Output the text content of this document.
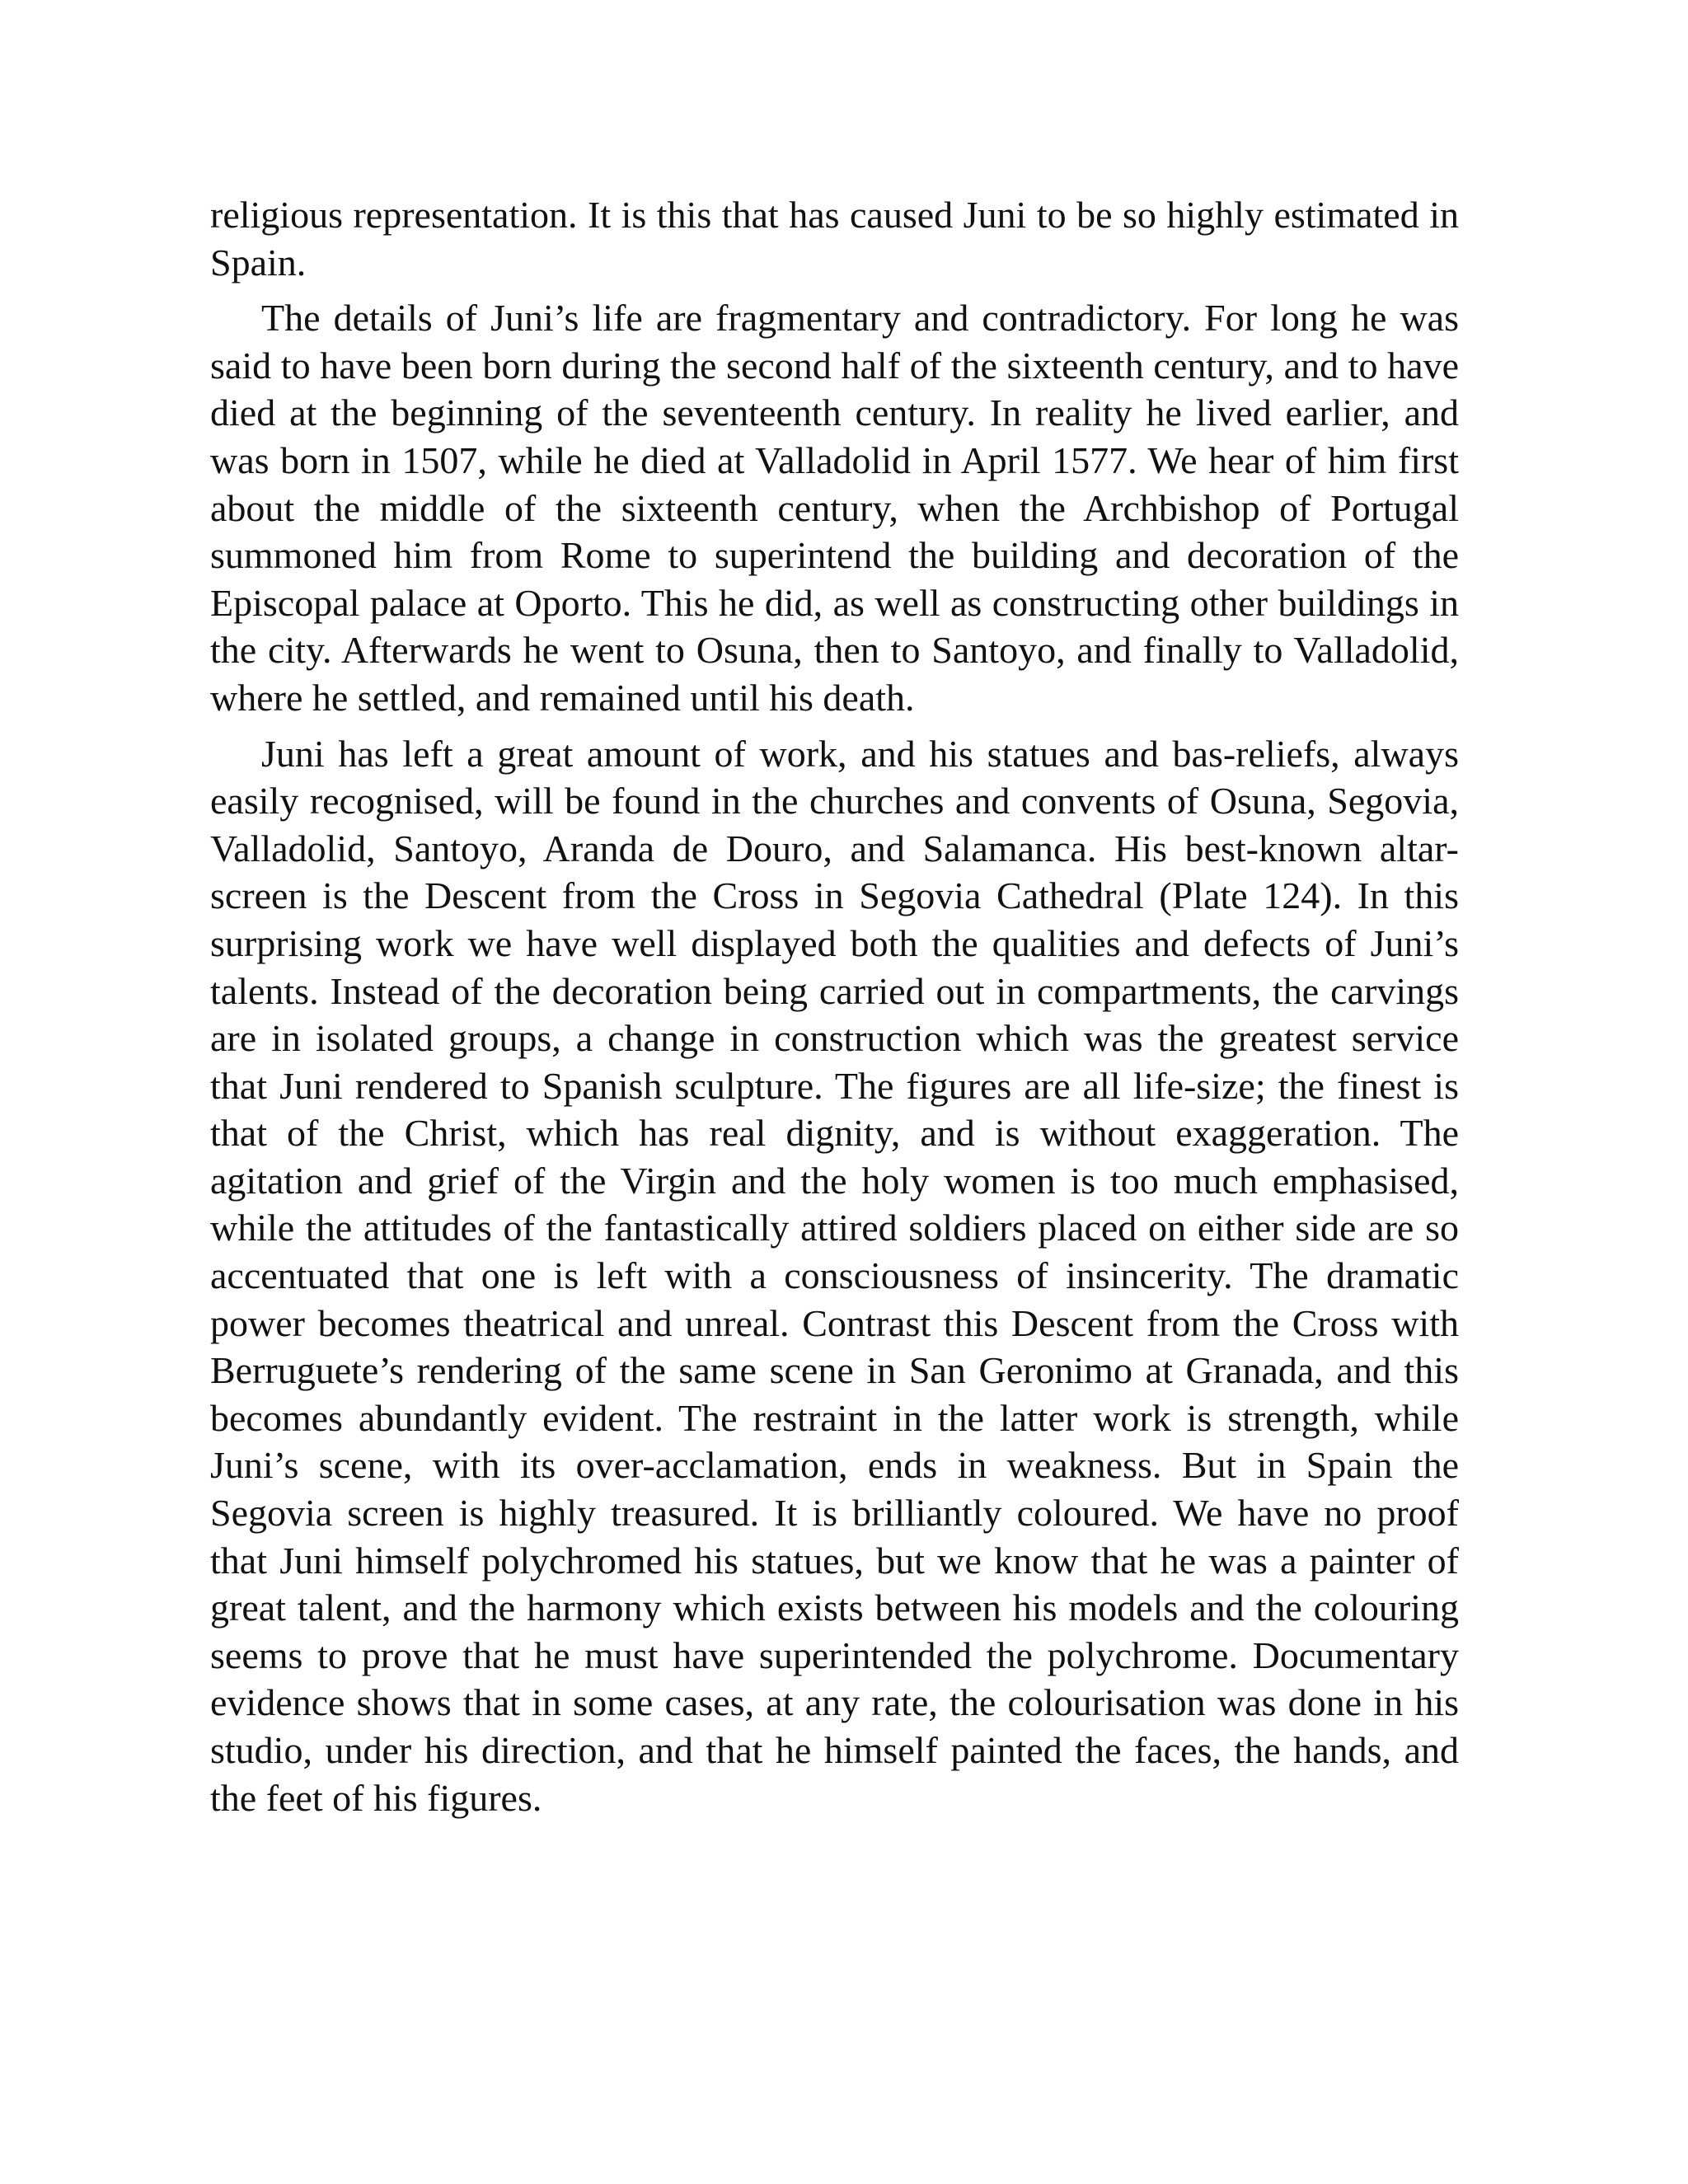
religious representation. It is this that has caused Juni to be so highly estimated in Spain.

The details of Juni’s life are fragmentary and contradictory. For long he was said to have been born during the second half of the sixteenth century, and to have died at the beginning of the seventeenth century. In reality he lived earlier, and was born in 1507, while he died at Valladolid in April 1577. We hear of him first about the middle of the sixteenth century, when the Archbishop of Portugal summoned him from Rome to superintend the building and decoration of the Episcopal palace at Oporto. This he did, as well as constructing other buildings in the city. Afterwards he went to Osuna, then to Santoyo, and finally to Valladolid, where he settled, and remained until his death.

Juni has left a great amount of work, and his statues and bas-reliefs, always easily recognised, will be found in the churches and convents of Osuna, Segovia, Valladolid, Santoyo, Aranda de Douro, and Salamanca. His best-known altar-screen is the Descent from the Cross in Segovia Cathedral (Plate 124). In this surprising work we have well displayed both the qualities and defects of Juni’s talents. Instead of the decoration being carried out in compartments, the carvings are in isolated groups, a change in construction which was the greatest service that Juni rendered to Spanish sculpture. The figures are all life-size; the finest is that of the Christ, which has real dignity, and is without exaggeration. The agitation and grief of the Virgin and the holy women is too much emphasised, while the attitudes of the fantastically attired soldiers placed on either side are so accentuated that one is left with a consciousness of insincerity. The dramatic power becomes theatrical and unreal. Contrast this Descent from the Cross with Berruguete’s rendering of the same scene in San Geronimo at Granada, and this becomes abundantly evident. The restraint in the latter work is strength, while Juni’s scene, with its over-acclamation, ends in weakness. But in Spain the Segovia screen is highly treasured. It is brilliantly coloured. We have no proof that Juni himself polychromed his statues, but we know that he was a painter of great talent, and the harmony which exists between his models and the colouring seems to prove that he must have superintended the polychrome. Documentary evidence shows that in some cases, at any rate, the colourisation was done in his studio, under his direction, and that he himself painted the faces, the hands, and the feet of his figures.
